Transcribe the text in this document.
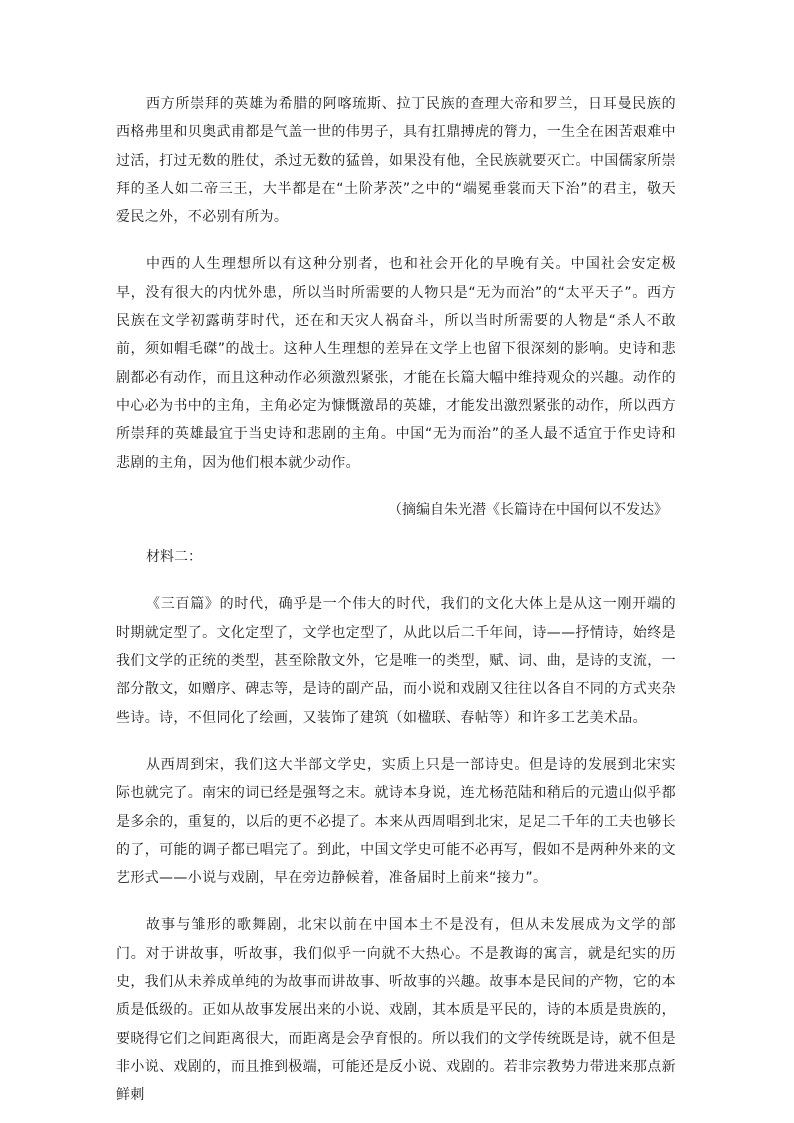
西方所崇拜的英雄为希腊的阿喀琉斯、拉丁民族的查理大帝和罗兰，日耳曼民族的西格弗里和贝奥武甫都是气盖一世的伟男子，具有扛鼎搏虎的膂力，一生全在困苦艰难中过活，打过无数的胜仗，杀过无数的猛兽，如果没有他，全民族就要灭亡。中国儒家所崇拜的圣人如二帝三王，大半都是在“土阶茅茨”之中的“端冕垂裳而天下治”的君主，敬天爱民之外，不必别有所为。

中西的人生理想所以有这种分别者，也和社会开化的早晚有关。中国社会安定极早，没有很大的内忧外患，所以当时所需要的人物只是“无为而治”的“太平天子”。西方民族在文学初露萌芽时代，还在和天灾人祸奋斗，所以当时所需要的人物是“杀人不敢前，须如帽毛磔”的战士。这种人生理想的差异在文学上也留下很深刻的影响。史诗和悲剧都必有动作，而且这种动作必须激烈紧张，才能在长篇大幅中维持观众的兴趣。动作的中心必为书中的主角，主角必定为慷慨激昂的英雄，才能发出激烈紧张的动作，所以西方所崇拜的英雄最宜于当史诗和悲剧的主角。中国“无为而治”的圣人最不适宜于作史诗和悲剧的主角，因为他们根本就少动作。

（摘编自朱光潜《长篇诗在中国何以不发达》

材料二：

《三百篇》的时代，确乎是一个伟大的时代，我们的文化大体上是从这一刚开端的时期就定型了。文化定型了，文学也定型了，从此以后二千年间，诗——抒情诗，始终是我们文学的正统的类型，甚至除散文外，它是唯一的类型，赋、词、曲，是诗的支流，一部分散文，如赠序、碑志等，是诗的副产品，而小说和戏剧又往往以各自不同的方式夹杂些诗。诗，不但同化了绘画，又装饰了建筑（如楹联、春帖等）和许多工艺美术品。

从西周到宋，我们这大半部文学史，实质上只是一部诗史。但是诗的发展到北宋实际也就完了。南宋的词已经是强弩之末。就诗本身说，连尤杨范陆和稍后的元遗山似乎都是多余的，重复的，以后的更不必提了。本来从西周唱到北宋，足足二千年的工夫也够长的了，可能的调子都已唱完了。到此，中国文学史可能不必再写，假如不是两种外来的文艺形式——小说与戏剧，早在旁边静候着，准备届时上前来“接力”。

故事与雏形的歌舞剧，北宋以前在中国本土不是没有，但从未发展成为文学的部门。对于讲故事，听故事，我们似乎一向就不大热心。不是教诲的寓言，就是纪实的历史，我们从未养成单纯的为故事而讲故事、听故事的兴趣。故事本是民间的产物，它的本质是低级的。正如从故事发展出来的小说、戏剧，其本质是平民的，诗的本质是贵族的，要晓得它们之间距离很大，而距离是会孕育恨的。所以我们的文学传统既是诗，就不但是非小说、戏剧的，而且推到极端，可能还是反小说、戏剧的。若非宗教势力带进来那点新鲜刺
